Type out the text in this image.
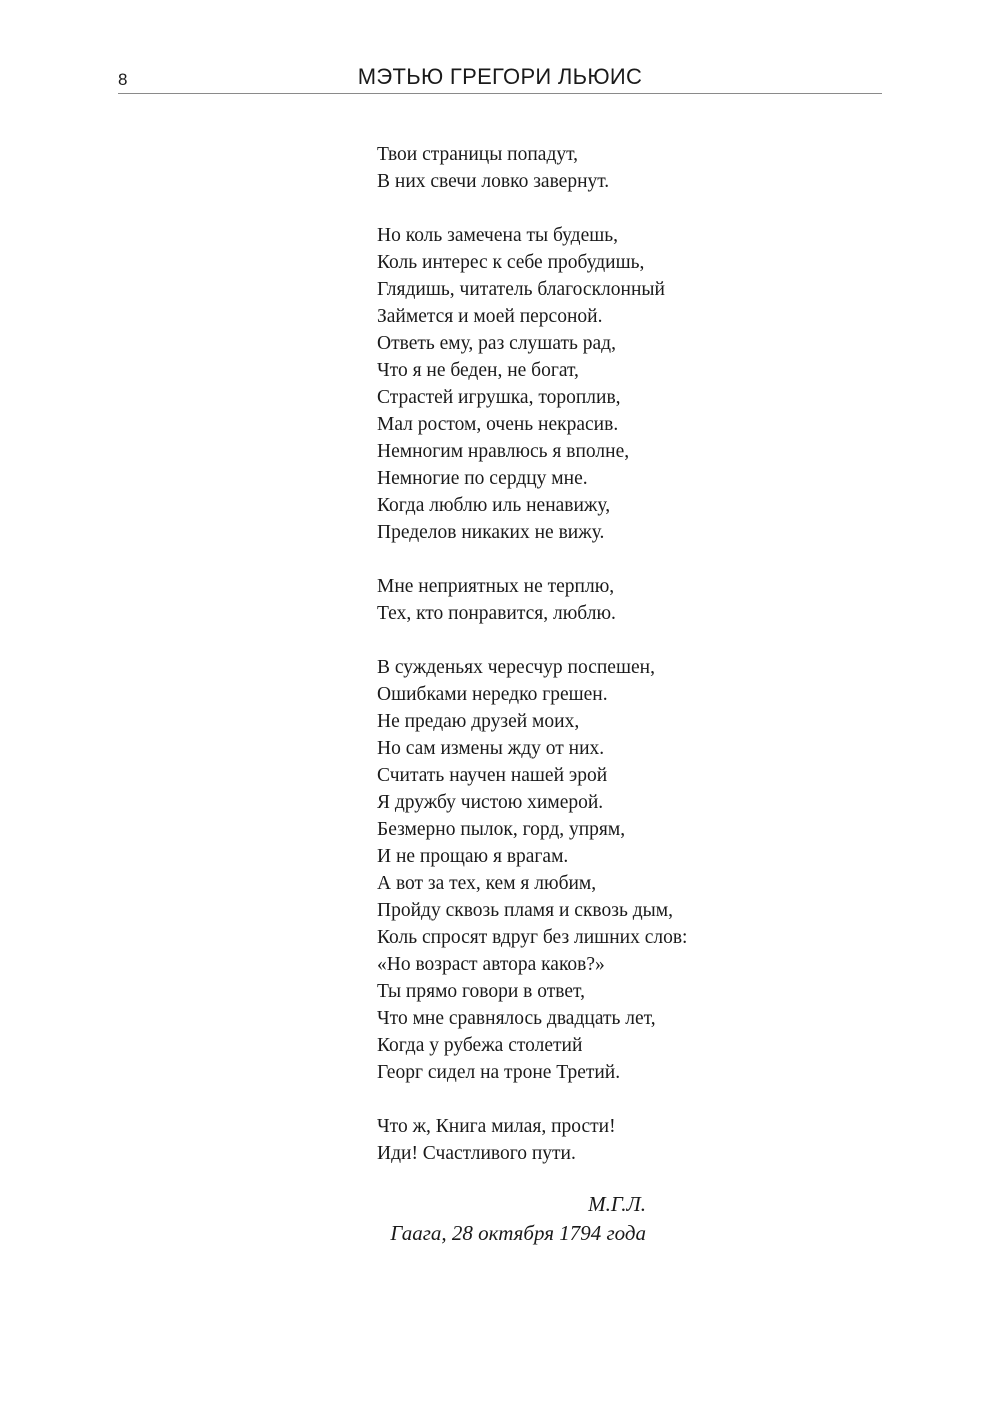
8	МЭТЬЮ ГРЕГОРИ ЛЬЮИС
Твои страницы попадут,
В них свечи ловко завернут.
Но коль замечена ты будешь,
Коль интерес к себе пробудишь,
Глядишь, читатель благосклонный
Займется и моей персоной.
Ответь ему, раз слушать рад,
Что я не беден, не богат,
Страстей игрушка, тороплив,
Мал ростом, очень некрасив.
Немногим нравлюсь я вполне,
Немногие по сердцу мне.
Когда люблю иль ненавижу,
Пределов никаких не вижу.
Мне неприятных не терплю,
Тех, кто понравится, люблю.
В сужденьях чересчур поспешен,
Ошибками нередко грешен.
Не предаю друзей моих,
Но сам измены жду от них.
Считать научен нашей эрой
Я дружбу чистою химерой.
Безмерно пылок, горд, упрям,
И не прощаю я врагам.
А вот за тех, кем я любим,
Пройду сквозь пламя и сквозь дым,
Коль спросят вдруг без лишних слов:
«Но возраст автора каков?»
Ты прямо говори в ответ,
Что мне сравнялось двадцать лет,
Когда у рубежа столетий
Георг сидел на троне Третий.
Что ж, Книга милая, прости!
Иди! Счастливого пути.
М.Г.Л.
Гаага, 28 октября 1794 года
